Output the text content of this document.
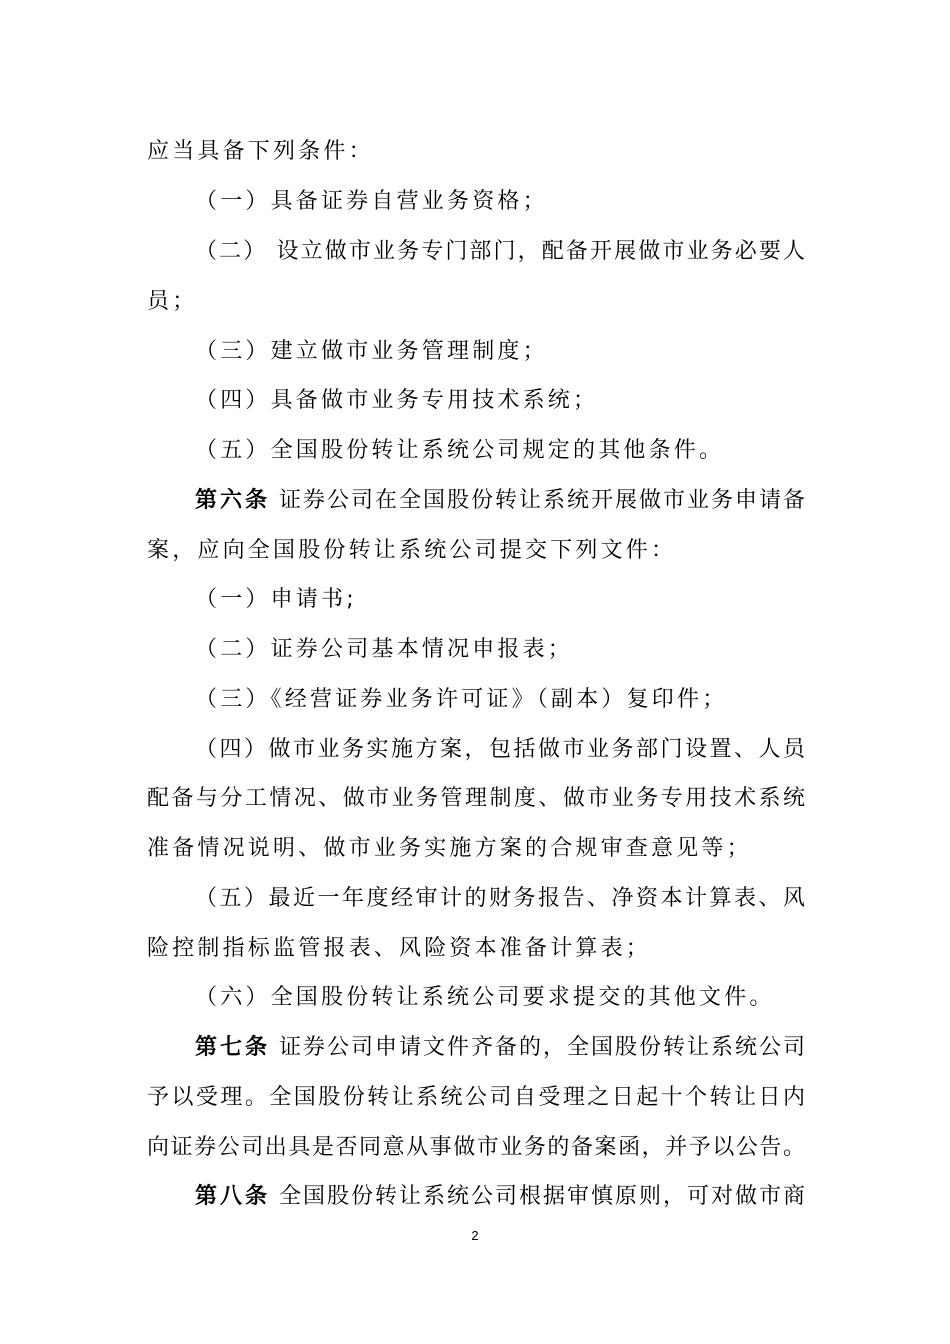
应当具备下列条件：
（一）具备证券自营业务资格；
（二） 设立做市业务专门部门，配备开展做市业务必要人
员；
（三）建立做市业务管理制度；
（四）具备做市业务专用技术系统；
（五）全国股份转让系统公司规定的其他条件。
第六条 证券公司在全国股份转让系统开展做市业务申请备
案，应向全国股份转让系统公司提交下列文件：
（一）申请书;
（二）证券公司基本情况申报表；
（三）《经营证券业务许可证》（副本）复印件；
（四）做市业务实施方案，包括做市业务部门设置、人员
配备与分工情况、做市业务管理制度、做市业务专用技术系统
准备情况说明、做市业务实施方案的合规审查意见等；
（五）最近一年度经审计的财务报告、净资本计算表、风
险控制指标监管报表、风险资本准备计算表；
（六）全国股份转让系统公司要求提交的其他文件。
第七条 证券公司申请文件齐备的，全国股份转让系统公司
予以受理。全国股份转让系统公司自受理之日起十个转让日内
向证券公司出具是否同意从事做市业务的备案函，并予以公告。
第八条 全国股份转让系统公司根据审慎原则，可对做市商
2
